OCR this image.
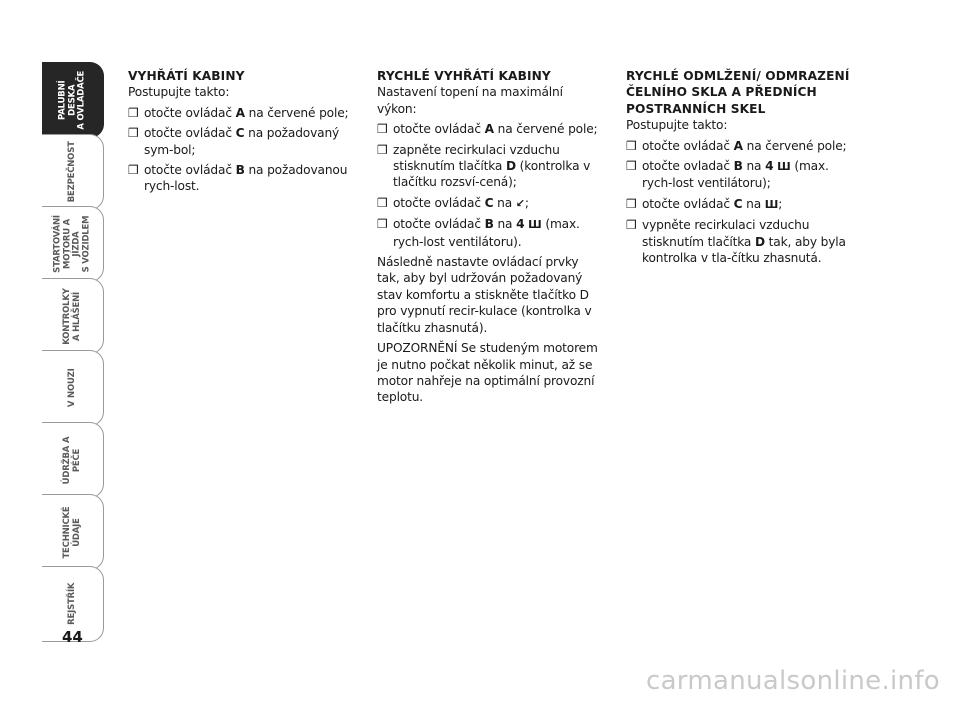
PALUBNÍ DESKA
A OVLADAČE
BEZPEČNOST
STARTOVÁNÍ
MOTORU A JÍZDA
S VOZIDLEM
KONTROLKY
A HLÁŠENÍ
V NOUZI
ÚDRŽBA A PÉČE
TECHNICKÉ ÚDAJE
REJSTŘÍK
44
VYHŘÁTÍ KABINY

Postupujte takto:

❒ otočte ovládač A na červené pole;
❒ otočte ovládač C na požadovaný sym-bol;
❒ otočte ovládač B na požadovanou rych-lost.
RYCHLÉ VYHŘÁTÍ KABINY

Nastavení topení na maximální výkon:

❒ otočte ovládač A na červené pole;
❒ zapněte recirkulaci vzduchu stisknutím tlačítka D (kontrolka v tlačítku rozsví-cená);
❒ otočte ovládač C na ↙;
❒ otočte ovládač B na 4 Ш (max. rych-lost ventilátoru).

Následně nastavte ovládací prvky tak, aby byl udržován požadovaný stav komfortu a stiskněte tlačítko D pro vypnutí recir-kulace (kontrolka v tlačítku zhasnutá).

UPOZORNĚNÍ Se studeným motorem je nutno počkat několik minut, až se motor nahřeje na optimální provozní teplotu.

RYCHLÉ ODMLŽENÍ/ ODMRAZENÍ ČELNÍHO SKLA A PŘEDNÍCH POSTRANNÍCH SKEL

Postupujte takto:

❒ otočte ovládač A na červené pole;
❒ otočte ovladač B na 4 Ш (max. rych-lost ventilátoru);
❒ otočte ovládač C na Ш;
❒ vypněte recirkulaci vzduchu stisknutím tlačítka D tak, aby byla kontrolka v tla-čítku zhasnutá.
carmanualsonline.info
